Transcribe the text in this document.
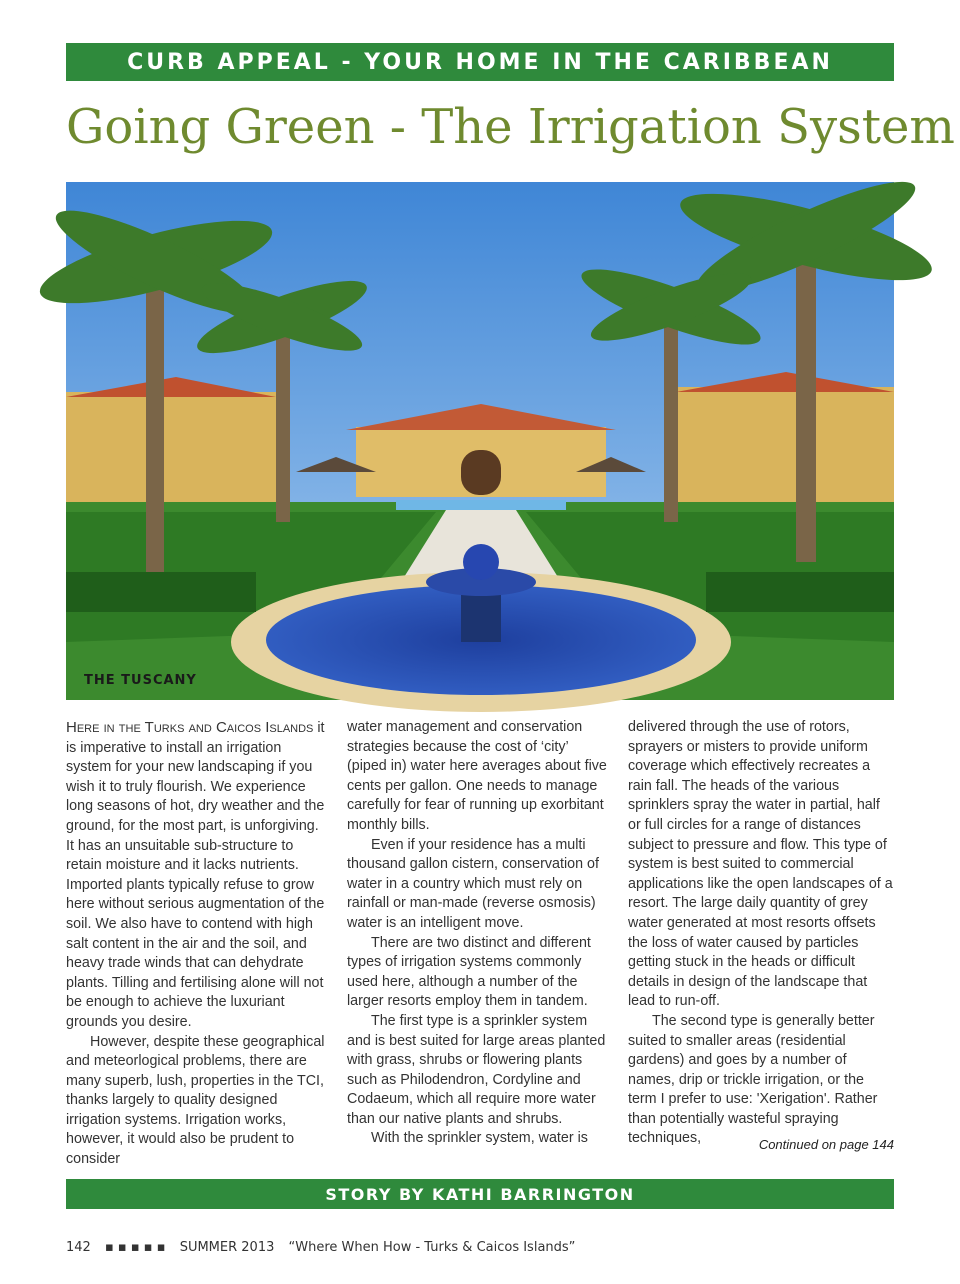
CURB APPEAL - YOUR HOME IN THE CARIBBEAN
Going Green - The Irrigation System
THE TUSCANY

Here in the Turks and Caicos Islands it is imperative to install an irrigation system for your new landscaping if you wish it to truly flourish. We experience long seasons of hot, dry weather and the ground, for the most part, is unforgiving. It has an unsuitable sub-structure to retain moisture and it lacks nutrients. Imported plants typically refuse to grow here without serious augmentation of the soil. We also have to contend with high salt content in the air and the soil, and heavy trade winds that can dehydrate plants. Tilling and fertilising alone will not be enough to achieve the luxuriant grounds you desire.

However, despite these geographical and meteorlogical problems, there are many superb, lush, properties in the TCI, thanks largely to quality designed irrigation systems. Irrigation works, however, it would also be prudent to consider

water management and conservation strategies because the cost of ‘city’ (piped in) water here averages about five cents per gallon. One needs to manage carefully for fear of running up exorbitant monthly bills.

Even if your residence has a multi thousand gallon cistern, conservation of water in a country which must rely on rainfall or man-made (reverse osmosis) water is an intelligent move.

There are two distinct and different types of irrigation systems commonly used here, although a number of the larger resorts employ them in tandem.

The first type is a sprinkler system and is best suited for large areas planted with grass, shrubs or flowering plants such as Philodendron, Cordyline and Codaeum, which all require more water than our native plants and shrubs.

With the sprinkler system, water is

delivered through the use of rotors, sprayers or misters to provide uniform coverage which effectively recreates a rain fall. The heads of the various sprinklers spray the water in partial, half or full circles for a range of distances subject to pressure and flow. This type of system is best suited to commercial applications like the open landscapes of a resort. The large daily quantity of grey water generated at most resorts offsets the loss of water caused by particles getting stuck in the heads or difficult details in design of the landscape that lead to run-off.

The second type is generally better suited to smaller areas (residential gardens) and goes by a number of names, drip or trickle irrigation, or the term I prefer to use: 'Xerigation'. Rather than potentially wasteful spraying techniques,	Continued on page 144
STORY BY KATHI BARRINGTON
142 ▪ ▪ ▪ ▪ ▪ SUMMER 2013 “Where When How - Turks & Caicos Islands”
